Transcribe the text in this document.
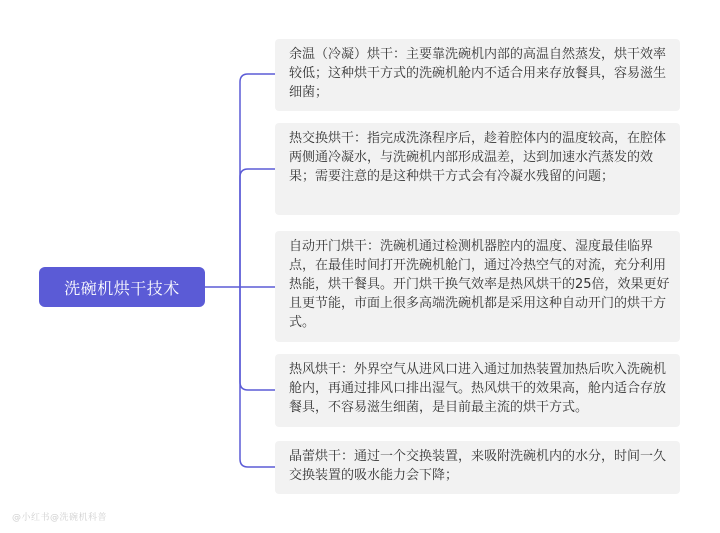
洗碗机烘干技术
余温（冷凝）烘干：主要靠洗碗机内部的高温自然蒸发，烘干效率较低；这种烘干方式的洗碗机舱内不适合用来存放餐具，容易滋生细菌；
热交换烘干：指完成洗涤程序后，趁着腔体内的温度较高，在腔体两侧通冷凝水，与洗碗机内部形成温差，达到加速水汽蒸发的效果；需要注意的是这种烘干方式会有冷凝水残留的问题；
自动开门烘干：洗碗机通过检测机器腔内的温度、湿度最佳临界点，在最佳时间打开洗碗机舱门，通过冷热空气的对流，充分利用热能，烘干餐具。开门烘干换气效率是热风烘干的25倍，效果更好且更节能，市面上很多高端洗碗机都是采用这种自动开门的烘干方式。
热风烘干：外界空气从进风口进入通过加热装置加热后吹入洗碗机舱内，再通过排风口排出湿气。热风烘干的效果高，舱内适合存放餐具，不容易滋生细菌，是目前最主流的烘干方式。
晶蕾烘干：通过一个交换装置，来吸附洗碗机内的水分，时间一久交换装置的吸水能力会下降；
@小红书@洗碗机科普
